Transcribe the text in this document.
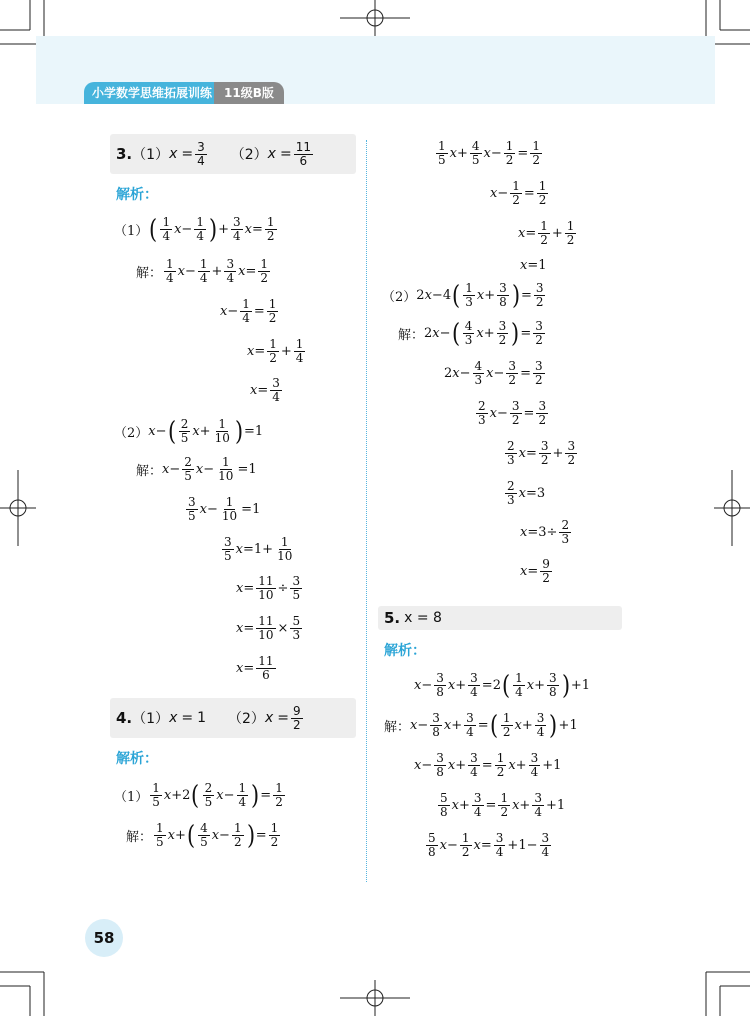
小学数学思维拓展训练 11级B版
3. （1） $x = \frac{3}{4} (2) x = \frac{11}{6}$
解析：
（1） ( 1
4 $x - \frac{1}{4}$ ) + $\frac{3}{4}$ $x = \frac{1}{2}$
解：
1
4 $x - \frac{1}{4} + \frac{3}{4}$ $x = \frac{1}{2}$
$x - \frac{1}{4} = \frac{1}{2}$
$x = \frac{1}{2} + \frac{1}{4}$
$x = \frac{3}{4}$
（2） x − ( 2
5 $x + \frac{1}{10}$ ) = 1
解： $x - \frac{2}{5}$ $x - \frac{1}{10} = 1$
3
5 $x - \frac{1}{10} = 1$
3
5 $x = 1 + \frac{1}{10}$
$x = \frac{11}{10} \div \frac{3}{5}$
$x = \frac{11}{10} \times \frac{5}{3}$
$x = \frac{11}{6}$
4. （1） x = 1 （2） $x = \frac{9}{2}$
解析：
（1）
1
5 x + 2 ( 2
5 $x - \frac{1}{4}$ ) = $\frac{1}{2}$
解：
1
5 x + ( 4
5 $x - \frac{1}{2}$ ) = $\frac{1}{2}$
1
5 $x + \frac{4}{5}$ $x - \frac{1}{2} = \frac{1}{2}$
$x - \frac{1}{2} = \frac{1}{2}$
$x = \frac{1}{2} + \frac{1}{2}$
x = 1
（2） 2 x − 4 ( 1
3 $x + \frac{3}{8}$ ) = $\frac{3}{2}$
解： 2 x − ( 4
3 $x + \frac{3}{2}$ ) = $\frac{3}{2}$
2 $x - \frac{4}{3}$ $x - \frac{3}{2} = \frac{3}{2}$
2
3 $x - \frac{3}{2} = \frac{3}{2}$
2
3 $x = \frac{3}{2} + \frac{3}{2}$
2
3 x = 3
$x = 3 \div \frac{2}{3}$
$x = \frac{9}{2}$
5. x = 8
解析：
$x - \frac{3}{8}$ $x + \frac{3}{4} = 2$ ( 1
4 $x + \frac{3}{8}$ ) + 1
解： $x - \frac{3}{8}$ $x + \frac{3}{4}$ = ( 1
2 $x + \frac{3}{4}$ ) + 1
$x - \frac{3}{8}$ $x + \frac{3}{4} = \frac{1}{2}$ $x + \frac{3}{4} + 1$
5
8 $x + \frac{3}{4} = \frac{1}{2}$ $x + \frac{3}{4} + 1$
5
8 $x - \frac{1}{2}$ $x = \frac{3}{4} + 1 - \frac{3}{4}$
58
